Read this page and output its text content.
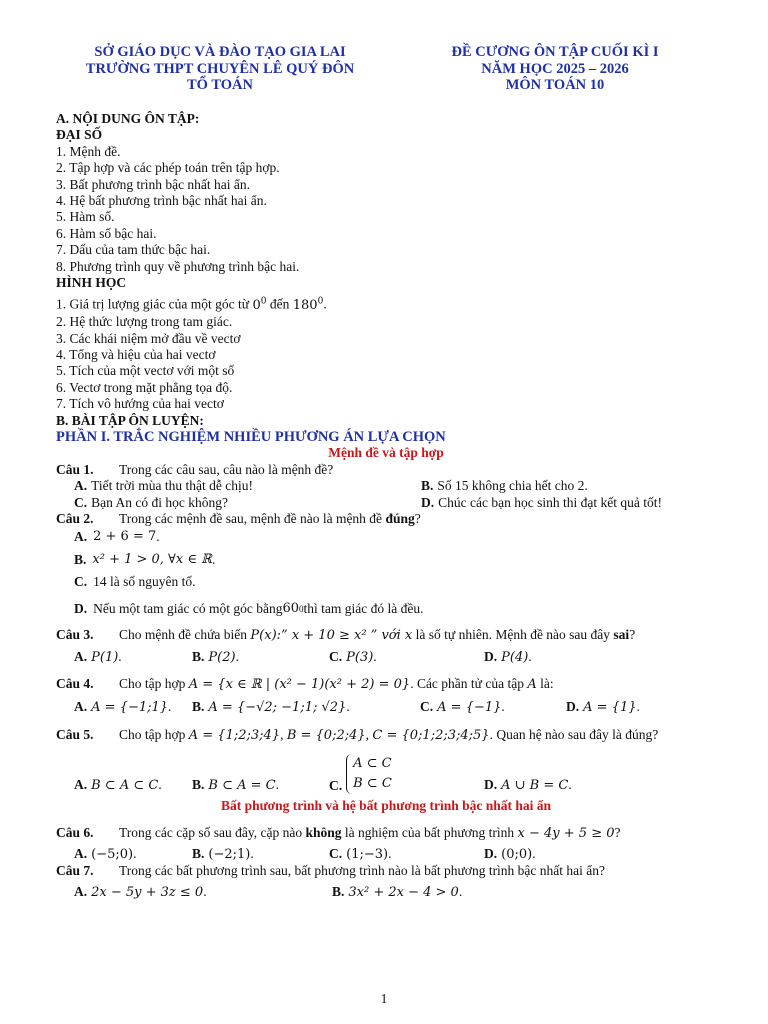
SỞ GIÁO DỤC VÀ ĐÀO TẠO GIA LAI
TRƯỜNG THPT CHUYÊN LÊ QUÝ ĐÔN
TỔ TOÁN
ĐỀ CƯƠNG ÔN TẬP CUỐI KÌ I
NĂM HỌC 2025 – 2026
MÔN TOÁN 10
A. NỘI DUNG ÔN TẬP:
ĐẠI SỐ
1. Mệnh đề.
2. Tập hợp và các phép toán trên tập hợp.
3. Bất phương trình bậc nhất hai ẩn.
4. Hệ bất phương trình bậc nhất hai ẩn.
5. Hàm số.
6. Hàm số bậc hai.
7. Dấu của tam thức bậc hai.
8. Phương trình quy về phương trình bậc hai.
HÌNH HỌC
1. Giá trị lượng giác của một góc từ $0^0$ đến $180^0$.
2. Hệ thức lượng trong tam giác.
3. Các khái niệm mở đầu về vectơ
4. Tổng và hiệu của hai vectơ
5. Tích của một vectơ với một số
6. Vectơ trong mặt phẳng tọa độ.
7. Tích vô hướng của hai vectơ
B. BÀI TẬP ÔN LUYỆN:
PHẦN I. TRẮC NGHIỆM NHIỀU PHƯƠNG ÁN LỰA CHỌN
Mệnh đề và tập hợp
Câu 1. Trong các câu sau, câu nào là mệnh đề?
A. Tiết trời mùa thu thật dễ chịu!	B. Số 15 không chia hết cho 2.
C. Bạn An có đi học không?	D. Chúc các bạn học sinh thi đạt kết quả tốt!
Câu 2. Trong các mệnh đề sau, mệnh đề nào là mệnh đề đúng?
A. 2 + 6 = 7 .
B. x² + 1 > 0, ∀x ∈ ℝ .
C. 14 là số nguyên tố.
D. Nếu một tam giác có một góc bằng 60 0 thì tam giác đó là đều.
Câu 3. Cho mệnh đề chứa biến P(x):” x + 10 ≥ x² ” với x là số tự nhiên. Mệnh đề nào sau đây sai?
A. P(1).	B. P(2).	C. P(3).	D. P(4).
Câu 4. Cho tập hợp A = {x ∈ ℝ | (x² − 1)(x² + 2) = 0}. Các phần tử của tập A là:
A. A = {−1;1}.	B. A = {−√2; −1;1; √2}.	C. A = {−1}.	D. A = {1}.
Câu 5. Cho tập hợp A = {1;2;3;4}, B = {0;2;4}, C = {0;1;2;3;4;5}. Quan hệ nào sau đây là đúng?
A. B ⊂ A ⊂ C.	B. B ⊂ A = C.	C.
A ⊂ C
B ⊂ C	D. A ∪ B = C.
Bất phương trình và hệ bất phương trình bậc nhất hai ẩn
Câu 6. Trong các cặp số sau đây, cặp nào không là nghiệm của bất phương trình x − 4y + 5 ≥ 0?
A. (−5;0).	B. (−2;1).	C. (1;−3).	D. (0;0).
Câu 7. Trong các bất phương trình sau, bất phương trình nào là bất phương trình bậc nhất hai ẩn?
A. 2x − 5y + 3z ≤ 0.	B. 3x² + 2x − 4 > 0.
1
